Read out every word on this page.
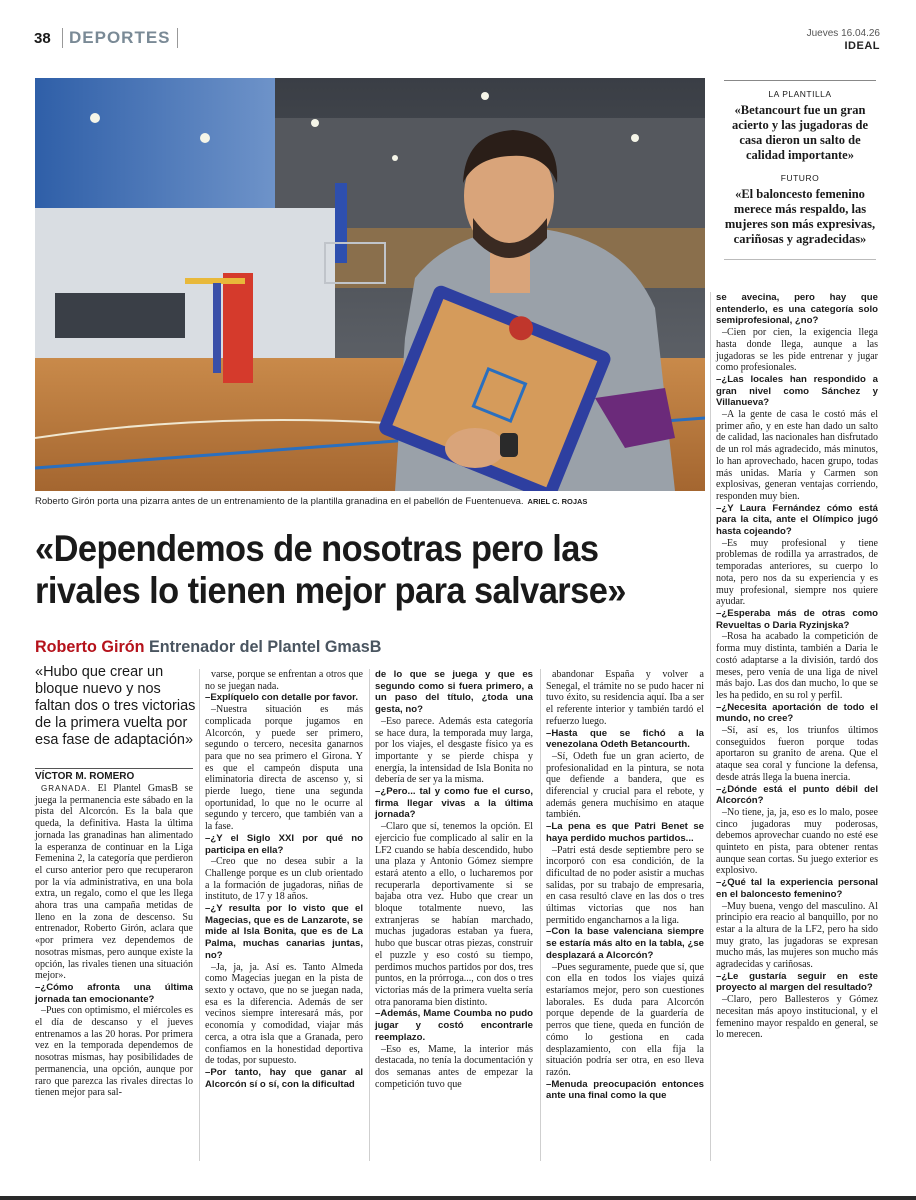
38	DEPORTES	Jueves 16.04.26
IDEAL
Roberto Girón porta una pizarra antes de un entrenamiento de la plantilla granadina en el pabellón de Fuentenueva. ARIEL C. ROJAS
«Dependemos de nosotras pero las rivales lo tienen mejor para salvarse»
LA PLANTILLA
«Betancourt fue un gran acierto y las jugadoras de casa dieron un salto de calidad importante»
FUTURO
«El baloncesto femenino merece más respaldo, las mujeres son más expresivas, cariñosas y agradecidas»
Roberto Girón Entrenador del Plantel GmasB
«Hubo que crear un bloque nuevo y nos faltan dos o tres victorias de la primera vuelta por esa fase de adaptación»
VÍCTOR M. ROMERO

GRANADA. El Plantel GmasB se juega la permanencia este sábado en la pista del Alcorcón. Es la bala que queda, la definitiva. Hasta la última jornada las granadinas han alimentado la esperanza de continuar en la Liga Femenina 2, la categoría que perdieron el curso anterior pero que recuperaron por la vía administrativa, en una bola extra, un regalo, como el que les llega ahora tras una campaña metidas de lleno en la zona de descenso. Su entrenador, Roberto Girón, aclara que «por primera vez dependemos de nosotras mismas, pero aunque existe la opción, las rivales tienen una situación mejor».

–¿Cómo afronta una última jornada tan emocionante?

–Pues con optimismo, el miércoles es el día de descanso y el jueves entrenamos a las 20 horas. Por primera vez en la temporada dependemos de nosotras mismas, hay posibilidades de permanencia, una opción, aunque por raro que parezca las rivales directas lo tienen mejor para sal-

varse, porque se enfrentan a otros que no se juegan nada.

–Explíquelo con detalle por favor.

–Nuestra situación es más complicada porque jugamos en Alcorcón, y puede ser primero, segundo o tercero, necesita ganarnos para que no sea primero el Girona. Y es que el campeón disputa una eliminatoria directa de ascenso y, si pierde luego, tiene una segunda oportunidad, lo que no le ocurre al segundo y tercero, que también van a la fase.

–¿Y el Siglo XXI por qué no participa en ella?

–Creo que no desea subir a la Challenge porque es un club orientado a la formación de jugadoras, niñas de instituto, de 17 y 18 años.

–¿Y resulta por lo visto que el Magecias, que es de Lanzarote, se mide al Isla Bonita, que es de La Palma, muchas canarias juntas, no?

–Ja, ja, ja. Así es. Tanto Almeda como Magecias juegan en la pista de sexto y octavo, que no se juegan nada, esa es la diferencia. Además de ser vecinos siempre interesará más, por economía y comodidad, viajar más cerca, a otra isla que a Granada, pero confiamos en la honestidad deportiva de todas, por supuesto.

–Por tanto, hay que ganar al Alcorcón sí o sí, con la dificultad

de lo que se juega y que es segundo como si fuera primero, a un paso del título, ¿toda una gesta, no?

–Eso parece. Además esta categoría se hace dura, la temporada muy larga, por los viajes, el desgaste físico ya es importante y se pierde chispa y energía, la intensidad de Isla Bonita no debería de ser ya la misma.

–¿Pero... tal y como fue el curso, firma llegar vivas a la última jornada?

–Claro que sí, tenemos la opción. El ejercicio fue complicado al salir en la LF2 cuando se había descendido, hubo una plaza y Antonio Gómez siempre estará atento a ello, o lucharemos por recuperarla deportivamente si se bajaba otra vez. Hubo que crear un bloque totalmente nuevo, las extranjeras se habían marchado, muchas jugadoras estaban ya fuera, hubo que buscar otras piezas, construir el puzzle y eso costó su tiempo, perdimos muchos partidos por dos, tres puntos, en la prórroga..., con dos o tres victorias más de la primera vuelta sería otra panorama bien distinto.

–Además, Mame Coumba no pudo jugar y costó encontrarle reemplazo.

–Eso es, Mame, la interior más destacada, no tenía la documentación y dos semanas antes de empezar la competición tuvo que

abandonar España y volver a Senegal, el trámite no se pudo hacer ni tuvo éxito, su residencia aquí. Iba a ser el referente interior y también tardó el refuerzo luego.

–Hasta que se fichó a la venezolana Odeth Betancourth.

–Sí, Odeth fue un gran acierto, de profesionalidad en la pintura, se nota que defiende a bandera, que es diferencial y crucial para el rebote, y además genera muchísimo en ataque también.

–La pena es que Patri Benet se haya perdido muchos partidos...

–Patri está desde septiembre pero se incorporó con esa condición, de la dificultad de no poder asistir a muchas salidas, por su trabajo de empresaria, en casa resultó clave en las dos o tres últimas victorias que nos han permitido engancharnos a la liga.

–Con la base valenciana siempre se estaría más alto en la tabla, ¿se desplazará a Alcorcón?

–Pues seguramente, puede que sí, que con ella en todos los viajes quizá estaríamos mejor, pero son cuestiones laborales. Es duda para Alcorcón porque depende de la guardería de perros que tiene, queda en función de cómo lo gestiona en cada desplazamiento, con ella fija la situación podría ser otra, en eso lleva razón.

–Menuda preocupación entonces ante una final como la que

se avecina, pero hay que entenderlo, es una categoría solo semiprofesional, ¿no?

–Cien por cien, la exigencia llega hasta donde llega, aunque a las jugadoras se les pide entrenar y jugar como profesionales.

–¿Las locales han respondido a gran nivel como Sánchez y Villanueva?

–A la gente de casa le costó más el primer año, y en este han dado un salto de calidad, las nacionales han disfrutado de un rol más agradecido, más minutos, lo han aprovechado, hacen grupo, todas más unidas. María y Carmen son explosivas, generan ventajas corriendo, responden muy bien.

–¿Y Laura Fernández cómo está para la cita, ante el Olímpico jugó hasta cojeando?

–Es muy profesional y tiene problemas de rodilla ya arrastrados, de temporadas anteriores, su cuerpo lo nota, pero nos da su experiencia y es muy profesional, siempre nos quiere ayudar.

–¿Esperaba más de otras como Revueltas o Daria Ryzinjska?

–Rosa ha acabado la competición de forma muy distinta, también a Daria le costó adaptarse a la división, tardó dos meses, pero venía de una liga de nivel más bajo. Las dos dan mucho, lo que se les ha pedido, en su rol y perfil.

–¿Necesita aportación de todo el mundo, no cree?

–Sí, así es, los triunfos últimos conseguidos fueron porque todas aportaron su granito de arena. Que el ataque sea coral y funcione la defensa, desde atrás llega la buena inercia.

–¿Dónde está el punto débil del Alcorcón?

–No tiene, ja, ja, eso es lo malo, posee cinco jugadoras muy poderosas, debemos aprovechar cuando no esté ese quinteto en pista, para obtener rentas aunque sean cortas. Su juego exterior es explosivo.

–¿Qué tal la experiencia personal en el baloncesto femenino?

–Muy buena, vengo del masculino. Al principio era reacio al banquillo, por no estar a la altura de la LF2, pero ha sido muy grato, las jugadoras se expresan mucho más, las mujeres son mucho más agradecidas y cariñosas.

–¿Le gustaría seguir en este proyecto al margen del resultado?

–Claro, pero Ballesteros y Gómez necesitan más apoyo institucional, y el femenino mayor respaldo en general, se lo merecen.
